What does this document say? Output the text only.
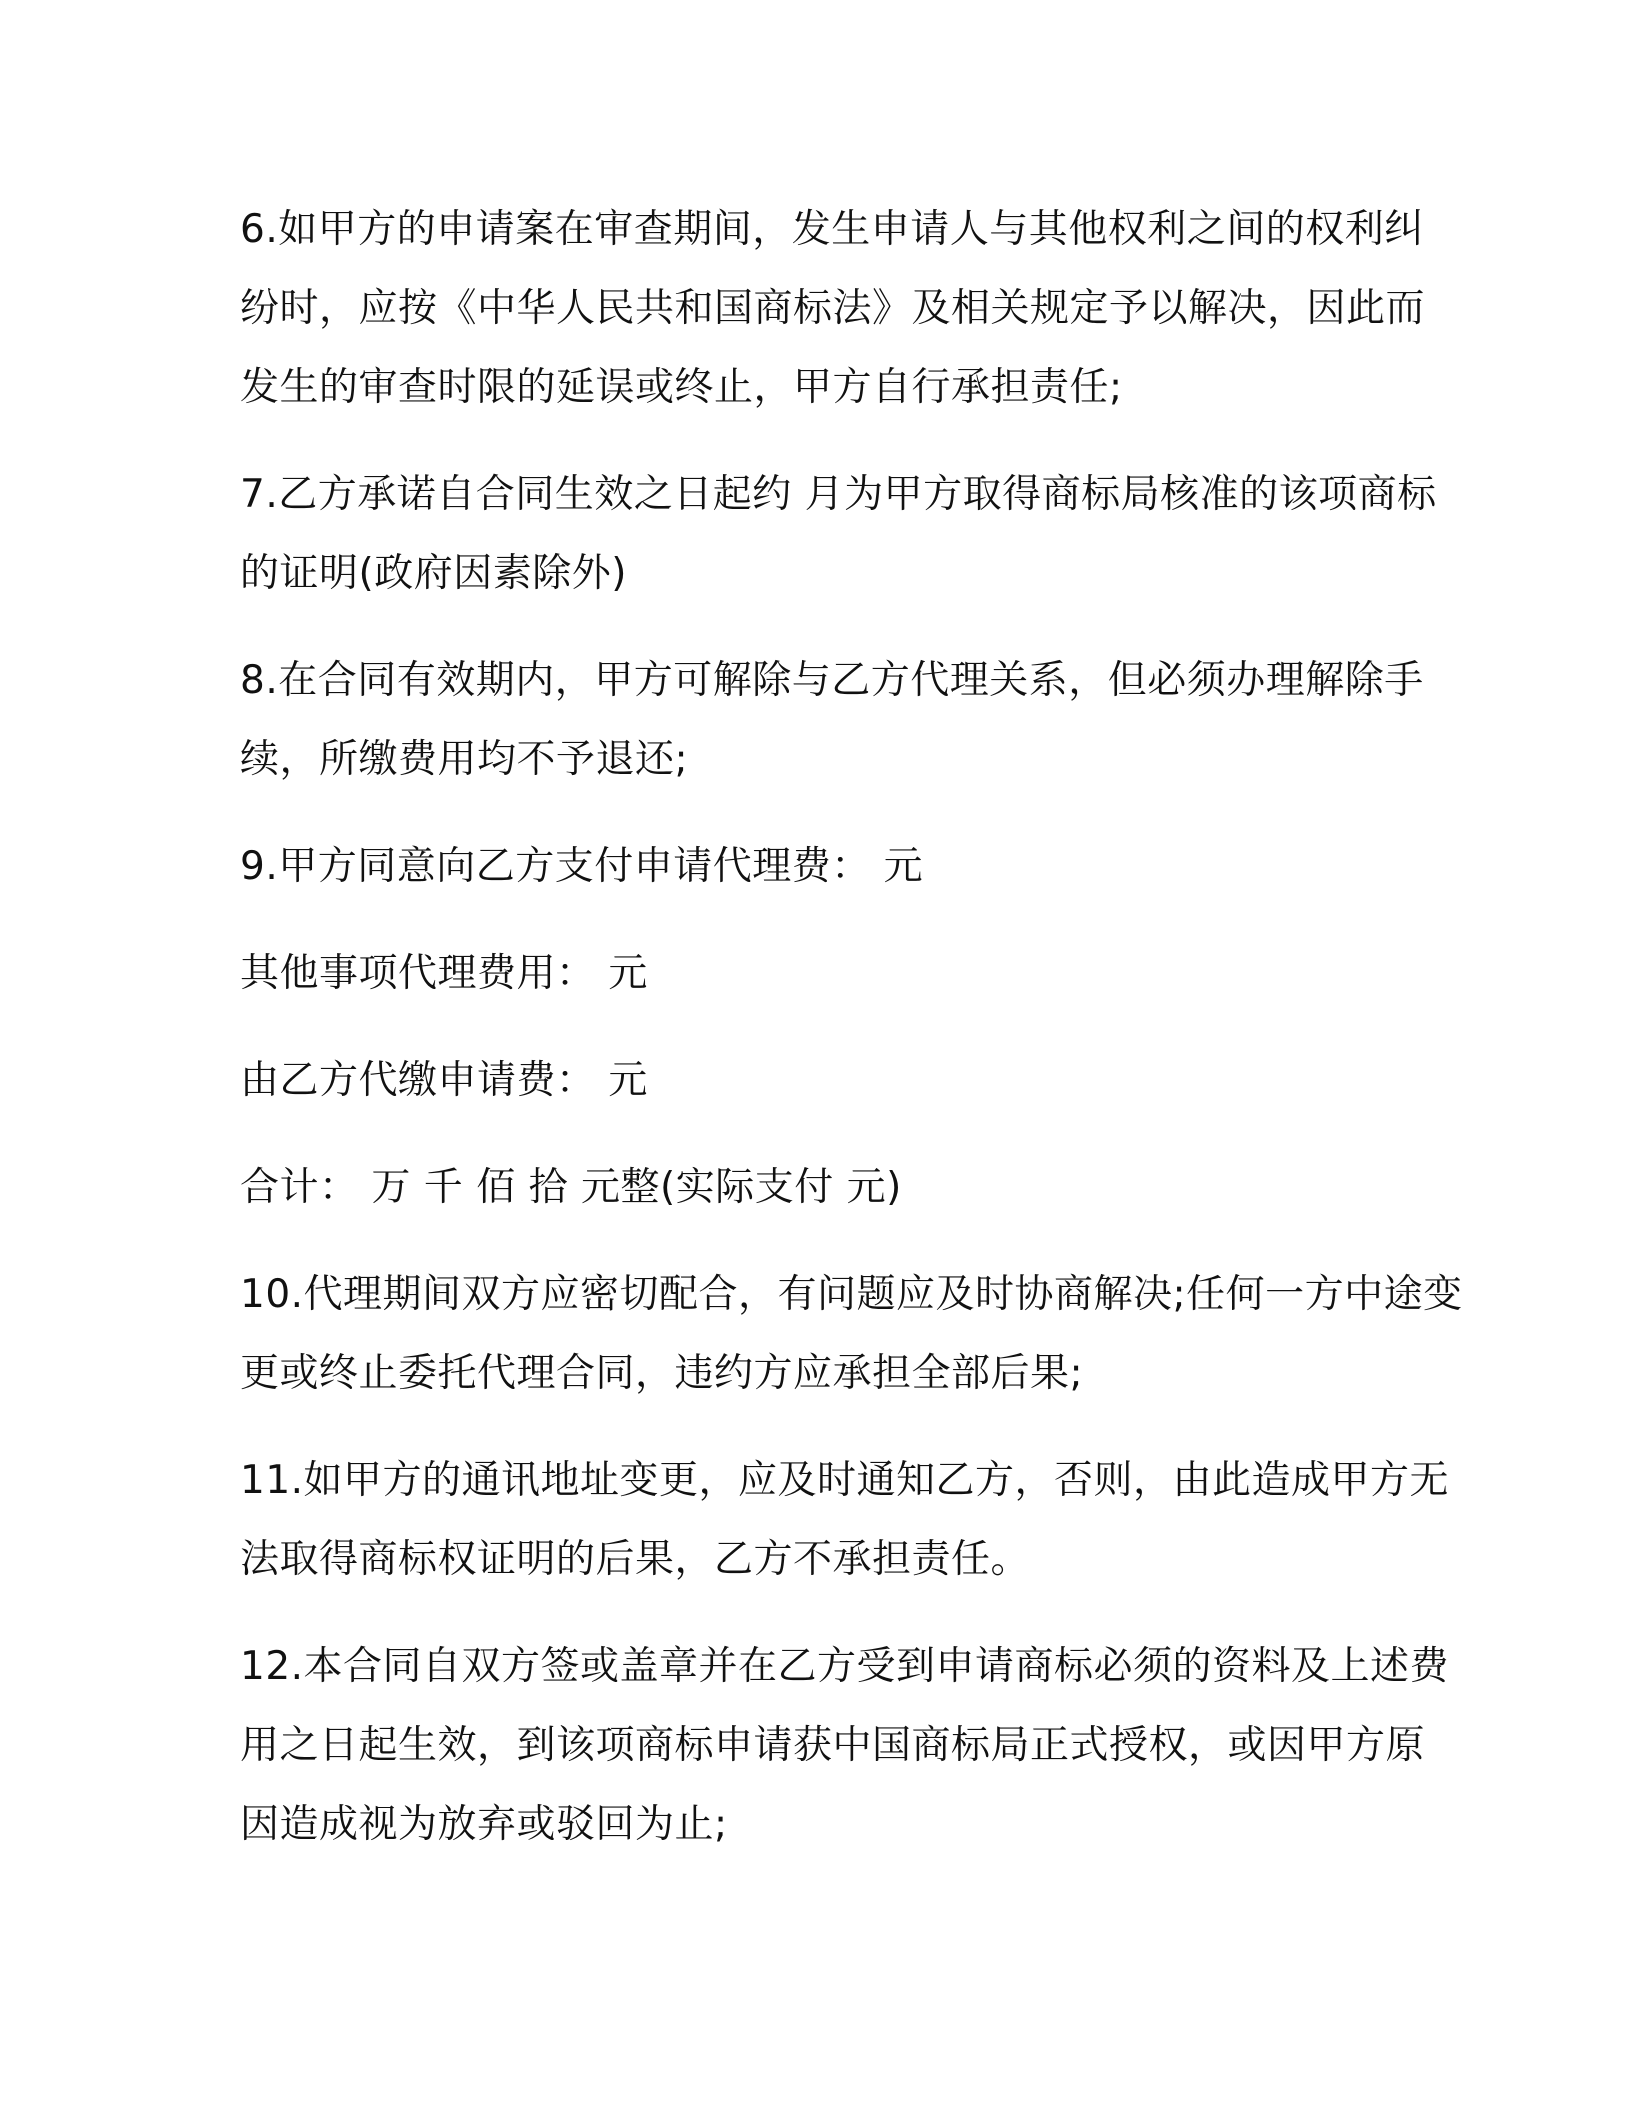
6.如甲方的申请案在审查期间，发生申请人与其他权利之间的权利纠
纷时，应按《中华人民共和国商标法》及相关规定予以解决，因此而
发生的审查时限的延误或终止，甲方自行承担责任;

7.乙方承诺自合同生效之日起约 月为甲方取得商标局核准的该项商标
的证明(政府因素除外)

8.在合同有效期内，甲方可解除与乙方代理关系，但必须办理解除手
续，所缴费用均不予退还;

9.甲方同意向乙方支付申请代理费： 元

其他事项代理费用： 元

由乙方代缴申请费： 元

合计： 万 千 佰 拾 元整(实际支付 元)

10.代理期间双方应密切配合，有问题应及时协商解决;任何一方中途变
更或终止委托代理合同，违约方应承担全部后果;

11.如甲方的通讯地址变更，应及时通知乙方，否则，由此造成甲方无
法取得商标权证明的后果，乙方不承担责任。

12.本合同自双方签或盖章并在乙方受到申请商标必须的资料及上述费
用之日起生效，到该项商标申请获中国商标局正式授权，或因甲方原
因造成视为放弃或驳回为止;
